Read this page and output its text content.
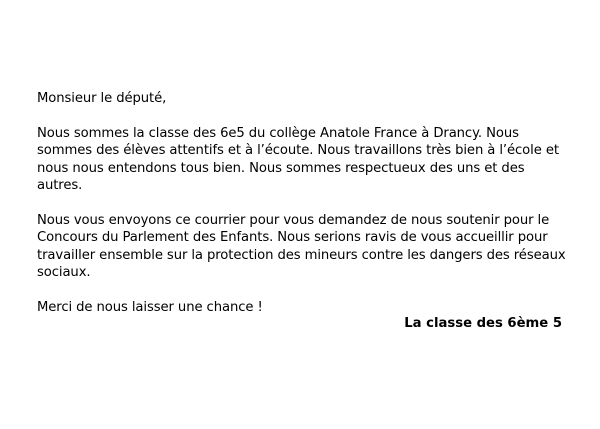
Monsieur le député,

Nous sommes la classe des 6e5 du collège Anatole France à Drancy. Nous sommes des élèves attentifs et à l’écoute. Nous travaillons très bien à l’école et nous nous entendons tous bien. Nous sommes respectueux des uns et des autres.

Nous vous envoyons ce courrier pour vous demandez de nous soutenir pour le Concours du Parlement des Enfants. Nous serions ravis de vous accueillir pour travailler ensemble sur la protection des mineurs contre les dangers des réseaux sociaux.

Merci de nous laisser une chance !

La classe des 6ème 5
